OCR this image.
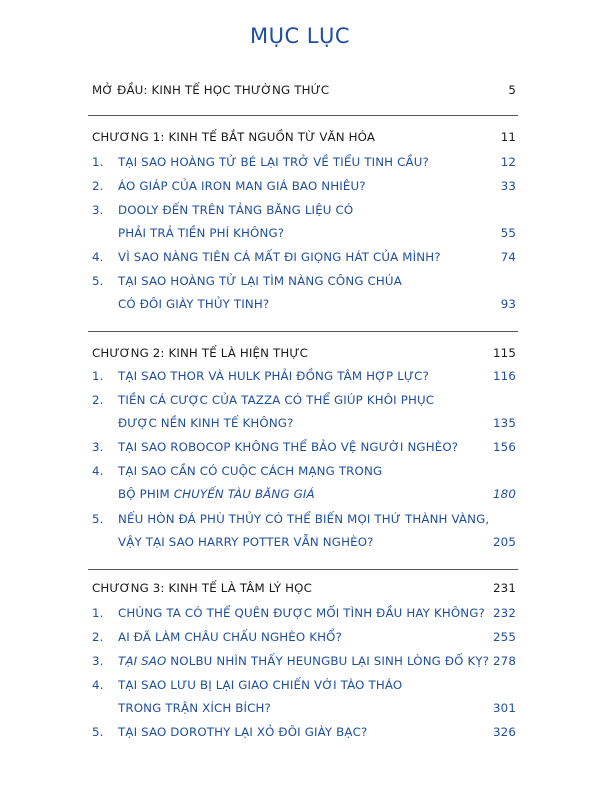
MỤC LỤC
MỞ ĐẦU: KINH TẾ HỌC THƯỜNG THỨC	5
CHƯƠNG 1: KINH TẾ BẮT NGUỒN TỪ VĂN HÓA	11
1.	TẠI SAO HOÀNG TỬ BÉ LẠI TRỞ VỀ TIỂU TINH CẦU?	12
2.	ÁO GIÁP CỦA IRON MAN GIÁ BAO NHIÊU?	33
3.	DOOLY ĐẾN TRÊN TẢNG BĂNG LIỆU CÓ
PHẢI TRẢ TIỀN PHÍ KHÔNG?	55
4.	VÌ SAO NÀNG TIÊN CÁ MẤT ĐI GIỌNG HÁT CỦA MÌNH?	74
5.	TẠI SAO HOÀNG TỬ LẠI TÌM NÀNG CÔNG CHÚA
CÓ ĐÔI GIÀY THỦY TINH?	93
CHƯƠNG 2: KINH TẾ LÀ HIỆN THỰC	115
1.	TẠI SAO THOR VÀ HULK PHẢI ĐỒNG TÂM HỢP LỰC?	116
2.	TIỀN CÁ CƯỢC CỦA TAZZA CÓ THỂ GIÚP KHÔI PHỤC
ĐƯỢC NỀN KINH TẾ KHÔNG?	135
3.	TẠI SAO ROBOCOP KHÔNG THỂ BẢO VỆ NGƯỜI NGHÈO?	156
4.	TẠI SAO CẦN CÓ CUỘC CÁCH MẠNG TRONG
BỘ PHIM CHUYẾN TÀU BĂNG GIÁ	180
5.	NẾU HÒN ĐÁ PHÙ THỦY CÓ THỂ BIẾN MỌI THỨ THÀNH VÀNG,
VẬY TẠI SAO HARRY POTTER VẪN NGHÈO?	205
CHƯƠNG 3: KINH TẾ LÀ TÂM LÝ HỌC	231
1.	CHÚNG TA CÓ THỂ QUÊN ĐƯỢC MỐI TÌNH ĐẦU HAY KHÔNG? 232
2.	AI ĐÃ LÀM CHÂU CHẤU NGHÈO KHỔ?	255
3.	TẠI SAO NOLBU NHÌN THẤY HEUNGBU LẠI SINH LÒNG ĐỐ KỴ? 278
4.	TẠI SAO LƯU BỊ LẠI GIAO CHIẾN VỚI TÀO THÁO
TRONG TRẬN XÍCH BÍCH?	301
5.	TẠI SAO DOROTHY LẠI XỎ ĐÔI GIÀY BẠC?	326
